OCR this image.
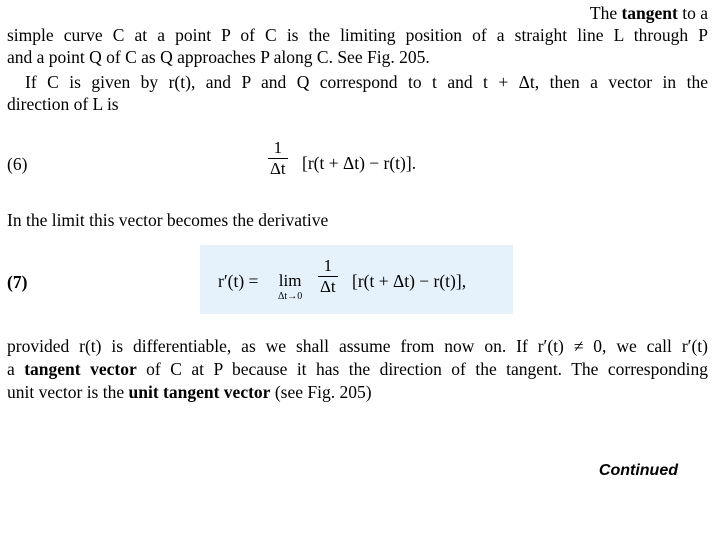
The tangent to a
simple curve C at a point P of C is the limiting position of a straight line L through P
and a point Q of C as Q approaches P along C. See Fig. 205.
If C is given by r(t), and P and Q correspond to t and t + Δt, then a vector in the
direction of L is
(6)
1
Δt [r(t + Δt) − r(t)].
In the limit this vector becomes the derivative
(7)	r′(t) = lim
Δt→0
1
Δt [r(t + Δt) − r(t)],
provided r(t) is differentiable, as we shall assume from now on. If r′(t) ≠ 0, we call r′(t)
a tangent vector of C at P because it has the direction of the tangent. The corresponding
unit vector is the unit tangent vector (see Fig. 205)
Continued
